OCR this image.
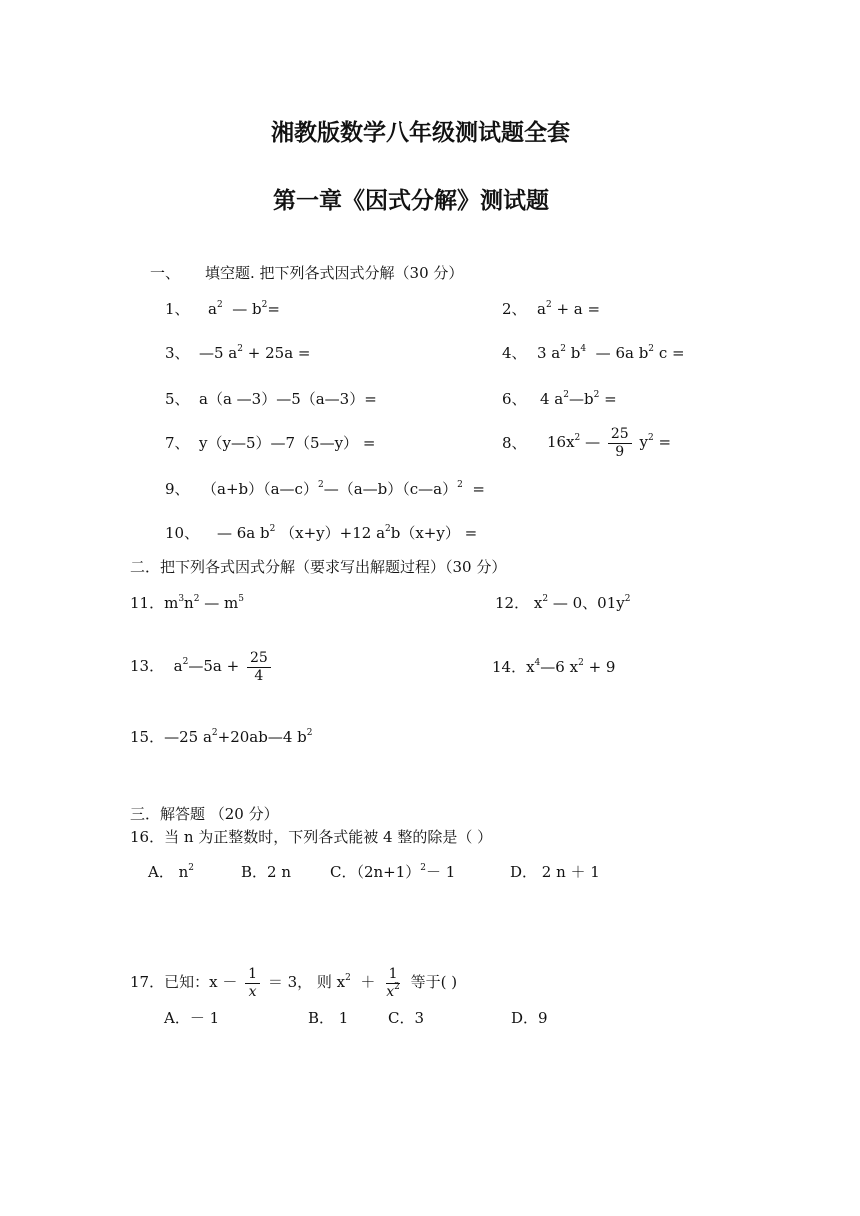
湘教版数学八年级测试题全套
第一章《因式分解》测试题
一、 填空题. 把下列各式因式分解（30 分）
1、 $a^2$ — $b^2=$	2、 $a^2 + a$ =
3、 —5 $a^2 + 25a$ =	4、 3 $a^2$ $b^4$ — 6a $b^2$ c =
5、 a（a —3）—5（a—3）=	6、 4 $a^2—b^2$ =
7、 y（y—5）—7（5—y） =	8、 $16x^2$ — $\frac{25}{9} y^2$ =
9、 （a+b）（a—c）$^2$—（a—b）（c—a）$^2$ =
10、 — 6a $b^2$ （x+y）+12 $a^2b(x+y)$ =
二．把下列各式因式分解（要求写出解题过程）（30 分）
11．$m^3n^2$ — $m^5$	12． $x^2$ — 0、$01y^2$
13． $a^2—5a + \frac{25}{4}$	14．$x^4—6$ $x^2 + 9$
15．—25 $a^2+20ab—4$ $b^2$
三．解答题 （20 分）
16．当 n 为正整数时，下列各式能被 4 整的除是（ ）
A． $n^2$	B．2 n	C．$(2n+1)^2- 1$	D． 2 n ＋ 1
17．已知：$x - \frac{1}{x} = 3$， 则 $x^2 + \frac{1}{x^2}$ 等于( )
A．－ 1	B． 1	C．3	D．9
